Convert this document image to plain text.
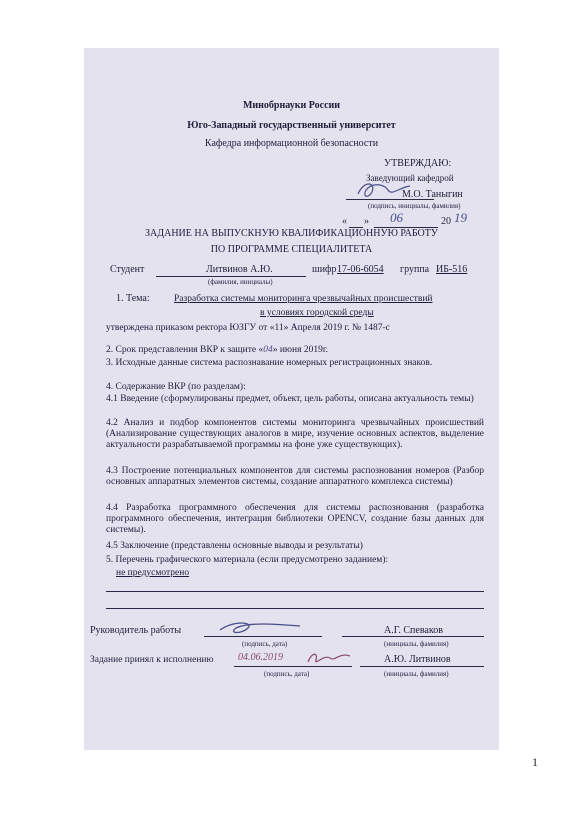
Минобрнауки России
Юго-Западный государственный университет
Кафедра информационной безопасности
УТВЕРЖДАЮ:
Заведующий кафедрой
М.О. Таныгин
(подпись, инициалы, фамилия)
« » 06	20 19
ЗАДАНИЕ НА ВЫПУСКНУЮ КВАЛИФИКАЦИОННУЮ РАБОТУ
ПО ПРОГРАММЕ СПЕЦИАЛИТЕТА
Студент	Литвинов А.Ю.
(фамилия, инициалы)
шифр 17-06-6054 группа ИБ-516
1. Тема:	Разработка системы мониторинга чрезвычайных происшествий
в условиях городской среды
утверждена приказом ректора ЮЗГУ от «11» Апреля 2019 г. № 1487-с
2. Срок представления ВКР к защите «04» июня 2019г.
3. Исходные данные система распознавание номерных регистрационных знаков.
4. Содержание ВКР (по разделам):
4.1 Введение (сформулированы предмет, объект, цель работы, описана актуальность темы)
4.2 Анализ и подбор компонентов системы мониторинга чрезвычайных происшествий (Анализирование существующих аналогов в мире, изучение основных аспектов, выделение актуальности разрабатываемой программы на фоне уже существующих).
4.3 Построение потенциальных компонентов для системы распознования номеров (Разбор основных аппаратных элементов системы, создание аппаратного комплекса системы)
4.4 Разработка программного обеспечения для системы распознования (разработка программного обеспечения, интеграция библиотеки OPENCV, создание базы данных для системы).
4.5 Заключение (представлены основные выводы и результаты)
5. Перечень графического материала (если предусмотрено заданием):
не предусмотрено
Руководитель работы
(подпись, дата)
А.Г. Спеваков
(инициалы, фамилия)
Задание принял к исполнению 04.06.2019
(подпись, дата)
А.Ю. Литвинов
(инициалы, фамилия)
1
